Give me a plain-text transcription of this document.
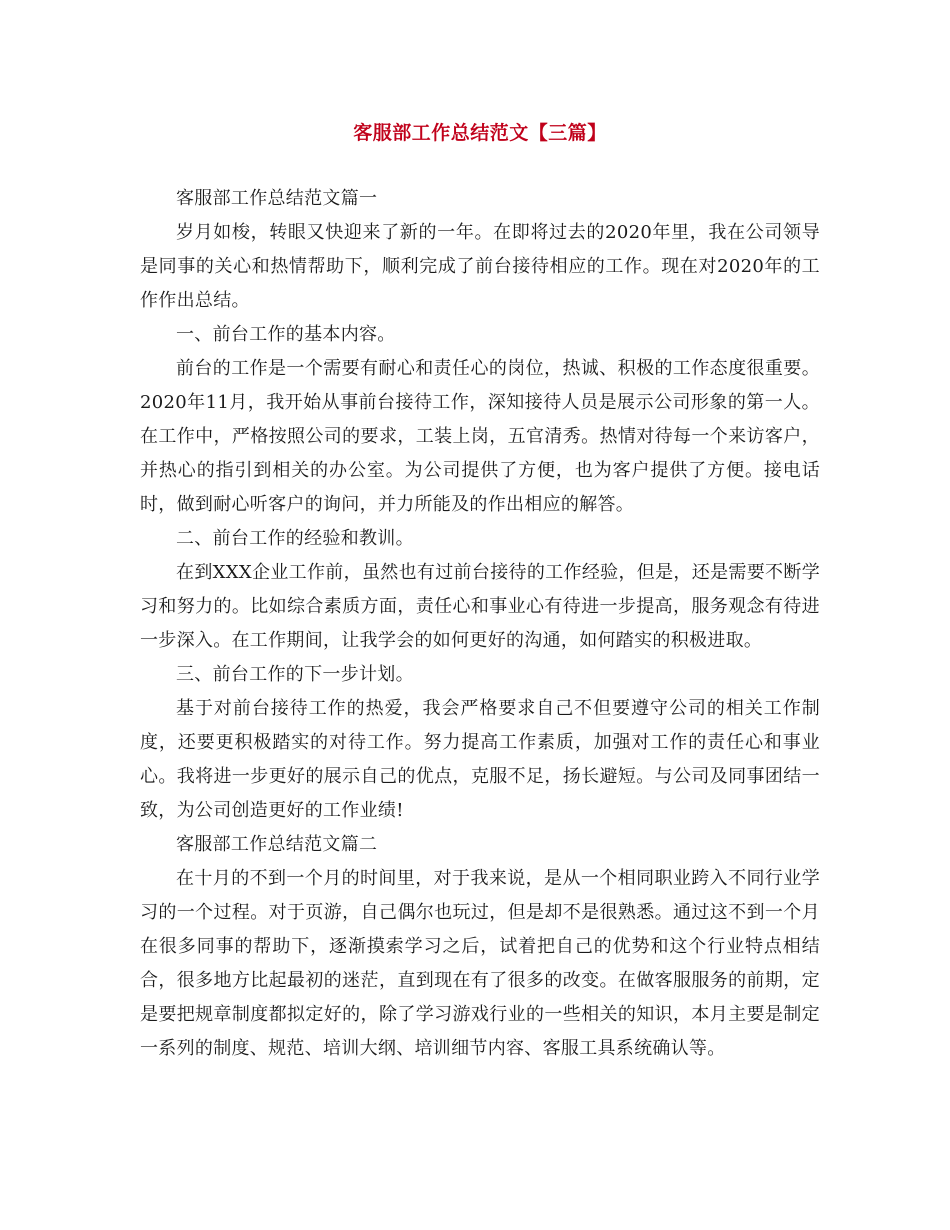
客服部工作总结范文【三篇】

客服部工作总结范文篇一

岁月如梭，转眼又快迎来了新的一年。在即将过去的2020年里，我在公司领导是同事的关心和热情帮助下，顺利完成了前台接待相应的工作。现在对2020年的工作作出总结。

一、前台工作的基本内容。

前台的工作是一个需要有耐心和责任心的岗位，热诚、积极的工作态度很重要。2020年11月，我开始从事前台接待工作，深知接待人员是展示公司形象的第一人。在工作中，严格按照公司的要求，工装上岗，五官清秀。热情对待每一个来访客户，并热心的指引到相关的办公室。为公司提供了方便，也为客户提供了方便。接电话时，做到耐心听客户的询问，并力所能及的作出相应的解答。

二、前台工作的经验和教训。

在到XXX企业工作前，虽然也有过前台接待的工作经验，但是，还是需要不断学习和努力的。比如综合素质方面，责任心和事业心有待进一步提高，服务观念有待进一步深入。在工作期间，让我学会的如何更好的沟通，如何踏实的积极进取。

三、前台工作的下一步计划。

基于对前台接待工作的热爱，我会严格要求自己不但要遵守公司的相关工作制度，还要更积极踏实的对待工作。努力提高工作素质，加强对工作的责任心和事业心。我将进一步更好的展示自己的优点，克服不足，扬长避短。与公司及同事团结一致，为公司创造更好的工作业绩!

客服部工作总结范文篇二

在十月的不到一个月的时间里，对于我来说，是从一个相同职业跨入不同行业学习的一个过程。对于页游，自己偶尔也玩过，但是却不是很熟悉。通过这不到一个月在很多同事的帮助下，逐渐摸索学习之后，试着把自己的优势和这个行业特点相结合，很多地方比起最初的迷茫，直到现在有了很多的改变。在做客服服务的前期，定是要把规章制度都拟定好的，除了学习游戏行业的一些相关的知识，本月主要是制定一系列的制度、规范、培训大纲、培训细节内容、客服工具系统确认等。
